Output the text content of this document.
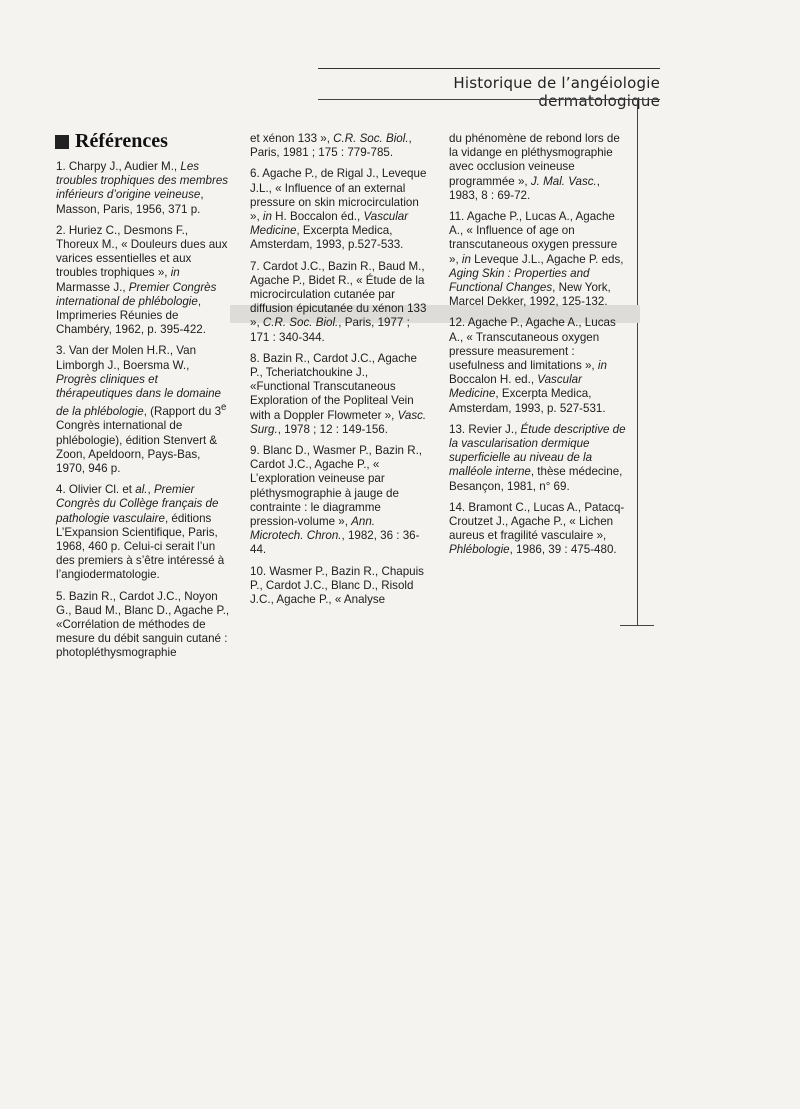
Historique de l’angéiologie dermatologique
Références

1. Charpy J., Audier M., Les troubles trophiques des membres inférieurs d’origine veineuse, Masson, Paris, 1956, 371 p.

2. Huriez C., Desmons F., Thoreux M., « Douleurs dues aux varices essentielles et aux troubles trophiques », in Marmasse J., Premier Congrès international de phlébologie, Imprimeries Réunies de Chambéry, 1962, p. 395-422.

3. Van der Molen H.R., Van Limborgh J., Boersma W., Progrès cliniques et thérapeutiques dans le domaine de la phlébologie, (Rapport du 3e Congrès international de phlébologie), édition Stenvert & Zoon, Apeldoorn, Pays-Bas, 1970, 946 p.

4. Olivier Cl. et al., Premier Congrès du Collège français de pathologie vasculaire, éditions L’Expansion Scientifique, Paris, 1968, 460 p. Celui-ci serait l’un des premiers à s’être intéressé à l’angiodermatologie.

5. Bazin R., Cardot J.C., Noyon G., Baud M., Blanc D., Agache P., «Corrélation de méthodes de mesure du débit sanguin cutané : photopléthysmographie

et xénon 133 », C.R. Soc. Biol., Paris, 1981 ; 175 : 779-785.

6. Agache P., de Rigal J., Leveque J.L., « Influence of an external pressure on skin microcirculation », in H. Boccalon éd., Vascular Medicine, Excerpta Medica, Amsterdam, 1993, p.527-533.

7. Cardot J.C., Bazin R., Baud M., Agache P., Bidet R., « Étude de la microcirculation cutanée par diffusion épicutanée du xénon 133 », C.R. Soc. Biol., Paris, 1977 ; 171 : 340-344.

8. Bazin R., Cardot J.C., Agache P., Tcheriatchoukine J., «Functional Transcutaneous Exploration of the Popliteal Vein with a Doppler Flowmeter », Vasc. Surg., 1978 ; 12 : 149-156.

9. Blanc D., Wasmer P., Bazin R., Cardot J.C., Agache P., « L’exploration veineuse par pléthysmographie à jauge de contrainte : le diagramme pression-volume », Ann. Microtech. Chron., 1982, 36 : 36-44.

10. Wasmer P., Bazin R., Chapuis P., Cardot J.C., Blanc D., Risold J.C., Agache P., « Analyse

du phénomène de rebond lors de la vidange en pléthysmographie avec occlusion veineuse programmée », J. Mal. Vasc., 1983, 8 : 69-72.

11. Agache P., Lucas A., Agache A., « Influence of age on transcutaneous oxygen pressure », in Leveque J.L., Agache P. eds, Aging Skin : Properties and Functional Changes, New York, Marcel Dekker, 1992, 125-132.

12. Agache P., Agache A., Lucas A., « Transcutaneous oxygen pressure measurement : usefulness and limitations », in Boccalon H. ed., Vascular Medicine, Excerpta Medica, Amsterdam, 1993, p. 527-531.

13. Revier J., Étude descriptive de la vascularisation dermique superficielle au niveau de la malléole interne, thèse médecine, Besançon, 1981, n° 69.

14. Bramont C., Lucas A., Patacq-Croutzet J., Agache P., « Lichen aureus et fragilité vasculaire », Phlébologie, 1986, 39 : 475-480.
